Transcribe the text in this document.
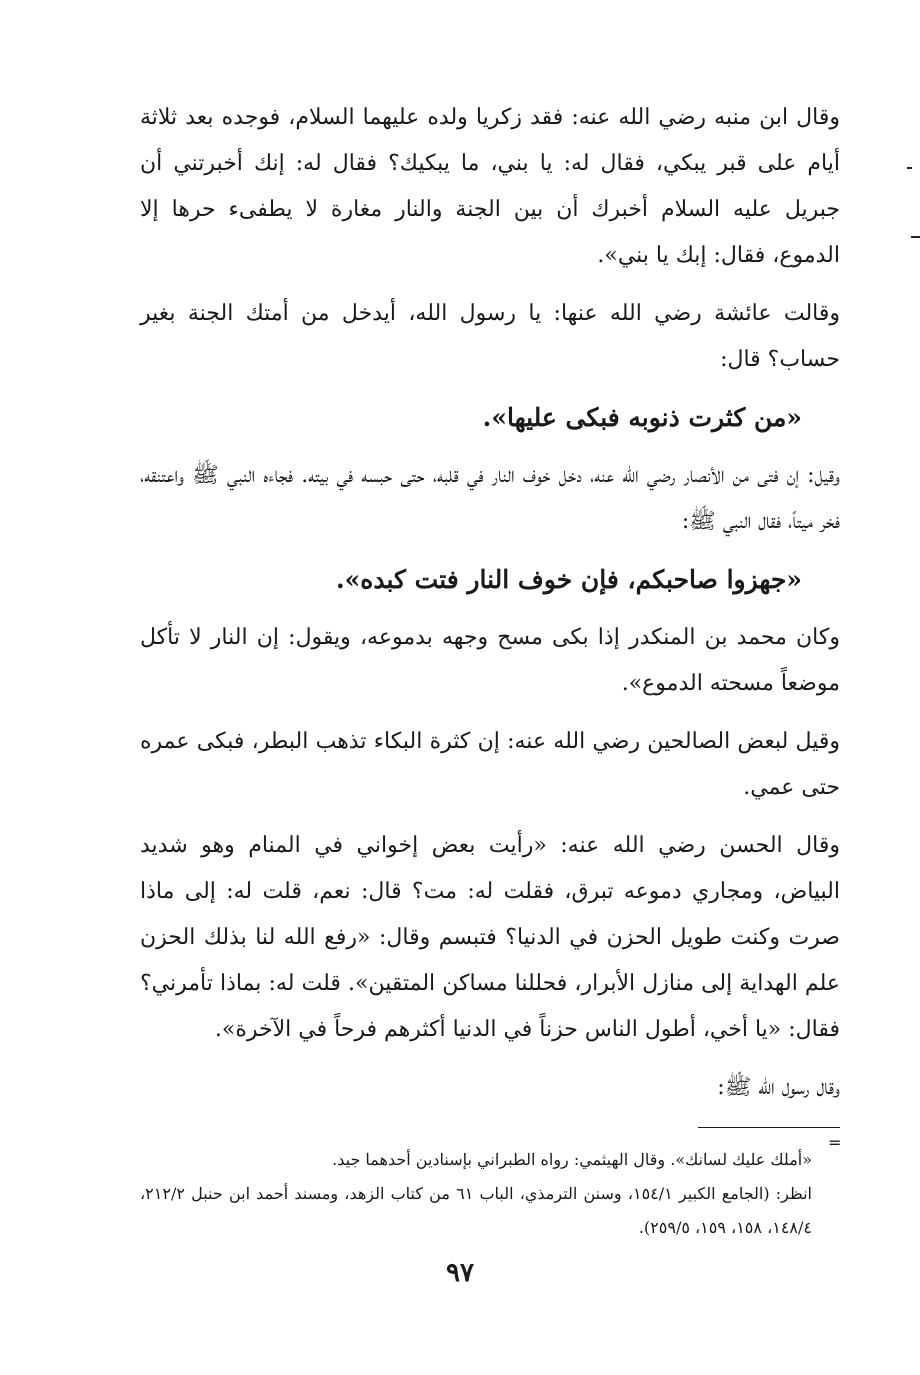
وقال ابن منبه رضي الله عنه: فقد زكريا ولده عليهما السلام، فوجده بعد ثلاثة أيام على قبر يبكي، فقال له: يا بني، ما يبكيك؟ فقال له: إنك أخبرتني أن جبريل عليه السلام أخبرك أن بين الجنة والنار مغارة لا يطفىء حرها إلا الدموع، فقال: إبك يا بني».

وقالت عائشة رضي الله عنها: يا رسول الله، أيدخل من أمتك الجنة بغير حساب؟ قال:

«من كثرت ذنوبه فبكى عليها».

وقيل: إن فتى من الأنصار رضي الله عنه، دخل خوف النار في قلبه، حتى حبسه في بيته. فجاءه النبي ﷺ واعتنقه، فخر ميتاً، فقال النبي ﷺ:

«جهزوا صاحبكم، فإن خوف النار فتت كبده».

وكان محمد بن المنكدر إذا بكى مسح وجهه بدموعه، ويقول: إن النار لا تأكل موضعاً مسحته الدموع».

وقيل لبعض الصالحين رضي الله عنه: إن كثرة البكاء تذهب البطر، فبكى عمره حتى عمي.

وقال الحسن رضي الله عنه: «رأيت بعض إخواني في المنام وهو شديد البياض، ومجاري دموعه تبرق، فقلت له: مت؟ قال: نعم، قلت له: إلى ماذا صرت وكنت طويل الحزن في الدنيا؟ فتبسم وقال: «رفع الله لنا بذلك الحزن علم الهداية إلى منازل الأبرار، فحللنا مساكن المتقين». قلت له: بماذا تأمرني؟ فقال: «يا أخي، أطول الناس حزناً في الدنيا أكثرهم فرحاً في الآخرة».

وقال رسول الله ﷺ:

=

«أملك عليك لسانك». وقال الهيثمي: رواه الطبراني بإسنادين أحدهما جيد.

انظر: (الجامع الكبير ١٥٤/١، وسنن الترمذي، الباب ٦١ من كتاب الزهد، ومسند أحمد ابن حنبل ٢١٢/٢، ١٤٨/٤، ١٥٨، ١٥٩، ٢٥٩/٥).

٩٧
